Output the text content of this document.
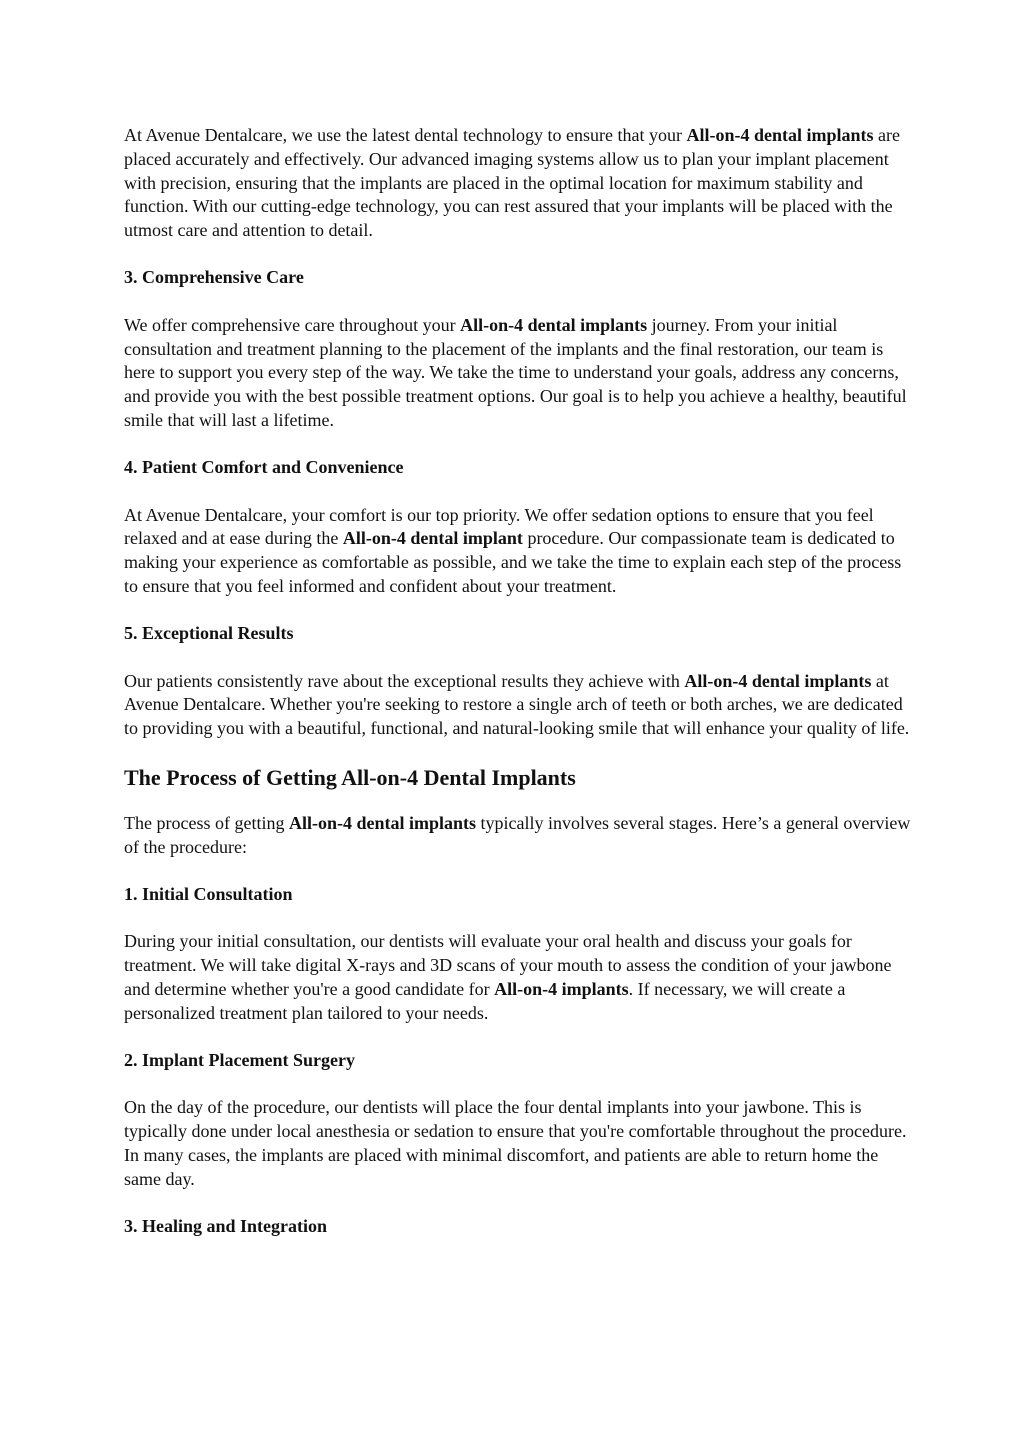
At Avenue Dentalcare, we use the latest dental technology to ensure that your All-on-4 dental implants are placed accurately and effectively. Our advanced imaging systems allow us to plan your implant placement with precision, ensuring that the implants are placed in the optimal location for maximum stability and function. With our cutting-edge technology, you can rest assured that your implants will be placed with the utmost care and attention to detail.

3. Comprehensive Care

We offer comprehensive care throughout your All-on-4 dental implants journey. From your initial consultation and treatment planning to the placement of the implants and the final restoration, our team is here to support you every step of the way. We take the time to understand your goals, address any concerns, and provide you with the best possible treatment options. Our goal is to help you achieve a healthy, beautiful smile that will last a lifetime.

4. Patient Comfort and Convenience

At Avenue Dentalcare, your comfort is our top priority. We offer sedation options to ensure that you feel relaxed and at ease during the All-on-4 dental implant procedure. Our compassionate team is dedicated to making your experience as comfortable as possible, and we take the time to explain each step of the process to ensure that you feel informed and confident about your treatment.

5. Exceptional Results

Our patients consistently rave about the exceptional results they achieve with All-on-4 dental implants at Avenue Dentalcare. Whether you're seeking to restore a single arch of teeth or both arches, we are dedicated to providing you with a beautiful, functional, and natural-looking smile that will enhance your quality of life.

The Process of Getting All-on-4 Dental Implants

The process of getting All-on-4 dental implants typically involves several stages. Here’s a general overview of the procedure:

1. Initial Consultation

During your initial consultation, our dentists will evaluate your oral health and discuss your goals for treatment. We will take digital X-rays and 3D scans of your mouth to assess the condition of your jawbone and determine whether you're a good candidate for All-on-4 implants. If necessary, we will create a personalized treatment plan tailored to your needs.

2. Implant Placement Surgery

On the day of the procedure, our dentists will place the four dental implants into your jawbone. This is typically done under local anesthesia or sedation to ensure that you're comfortable throughout the procedure. In many cases, the implants are placed with minimal discomfort, and patients are able to return home the same day.

3. Healing and Integration
